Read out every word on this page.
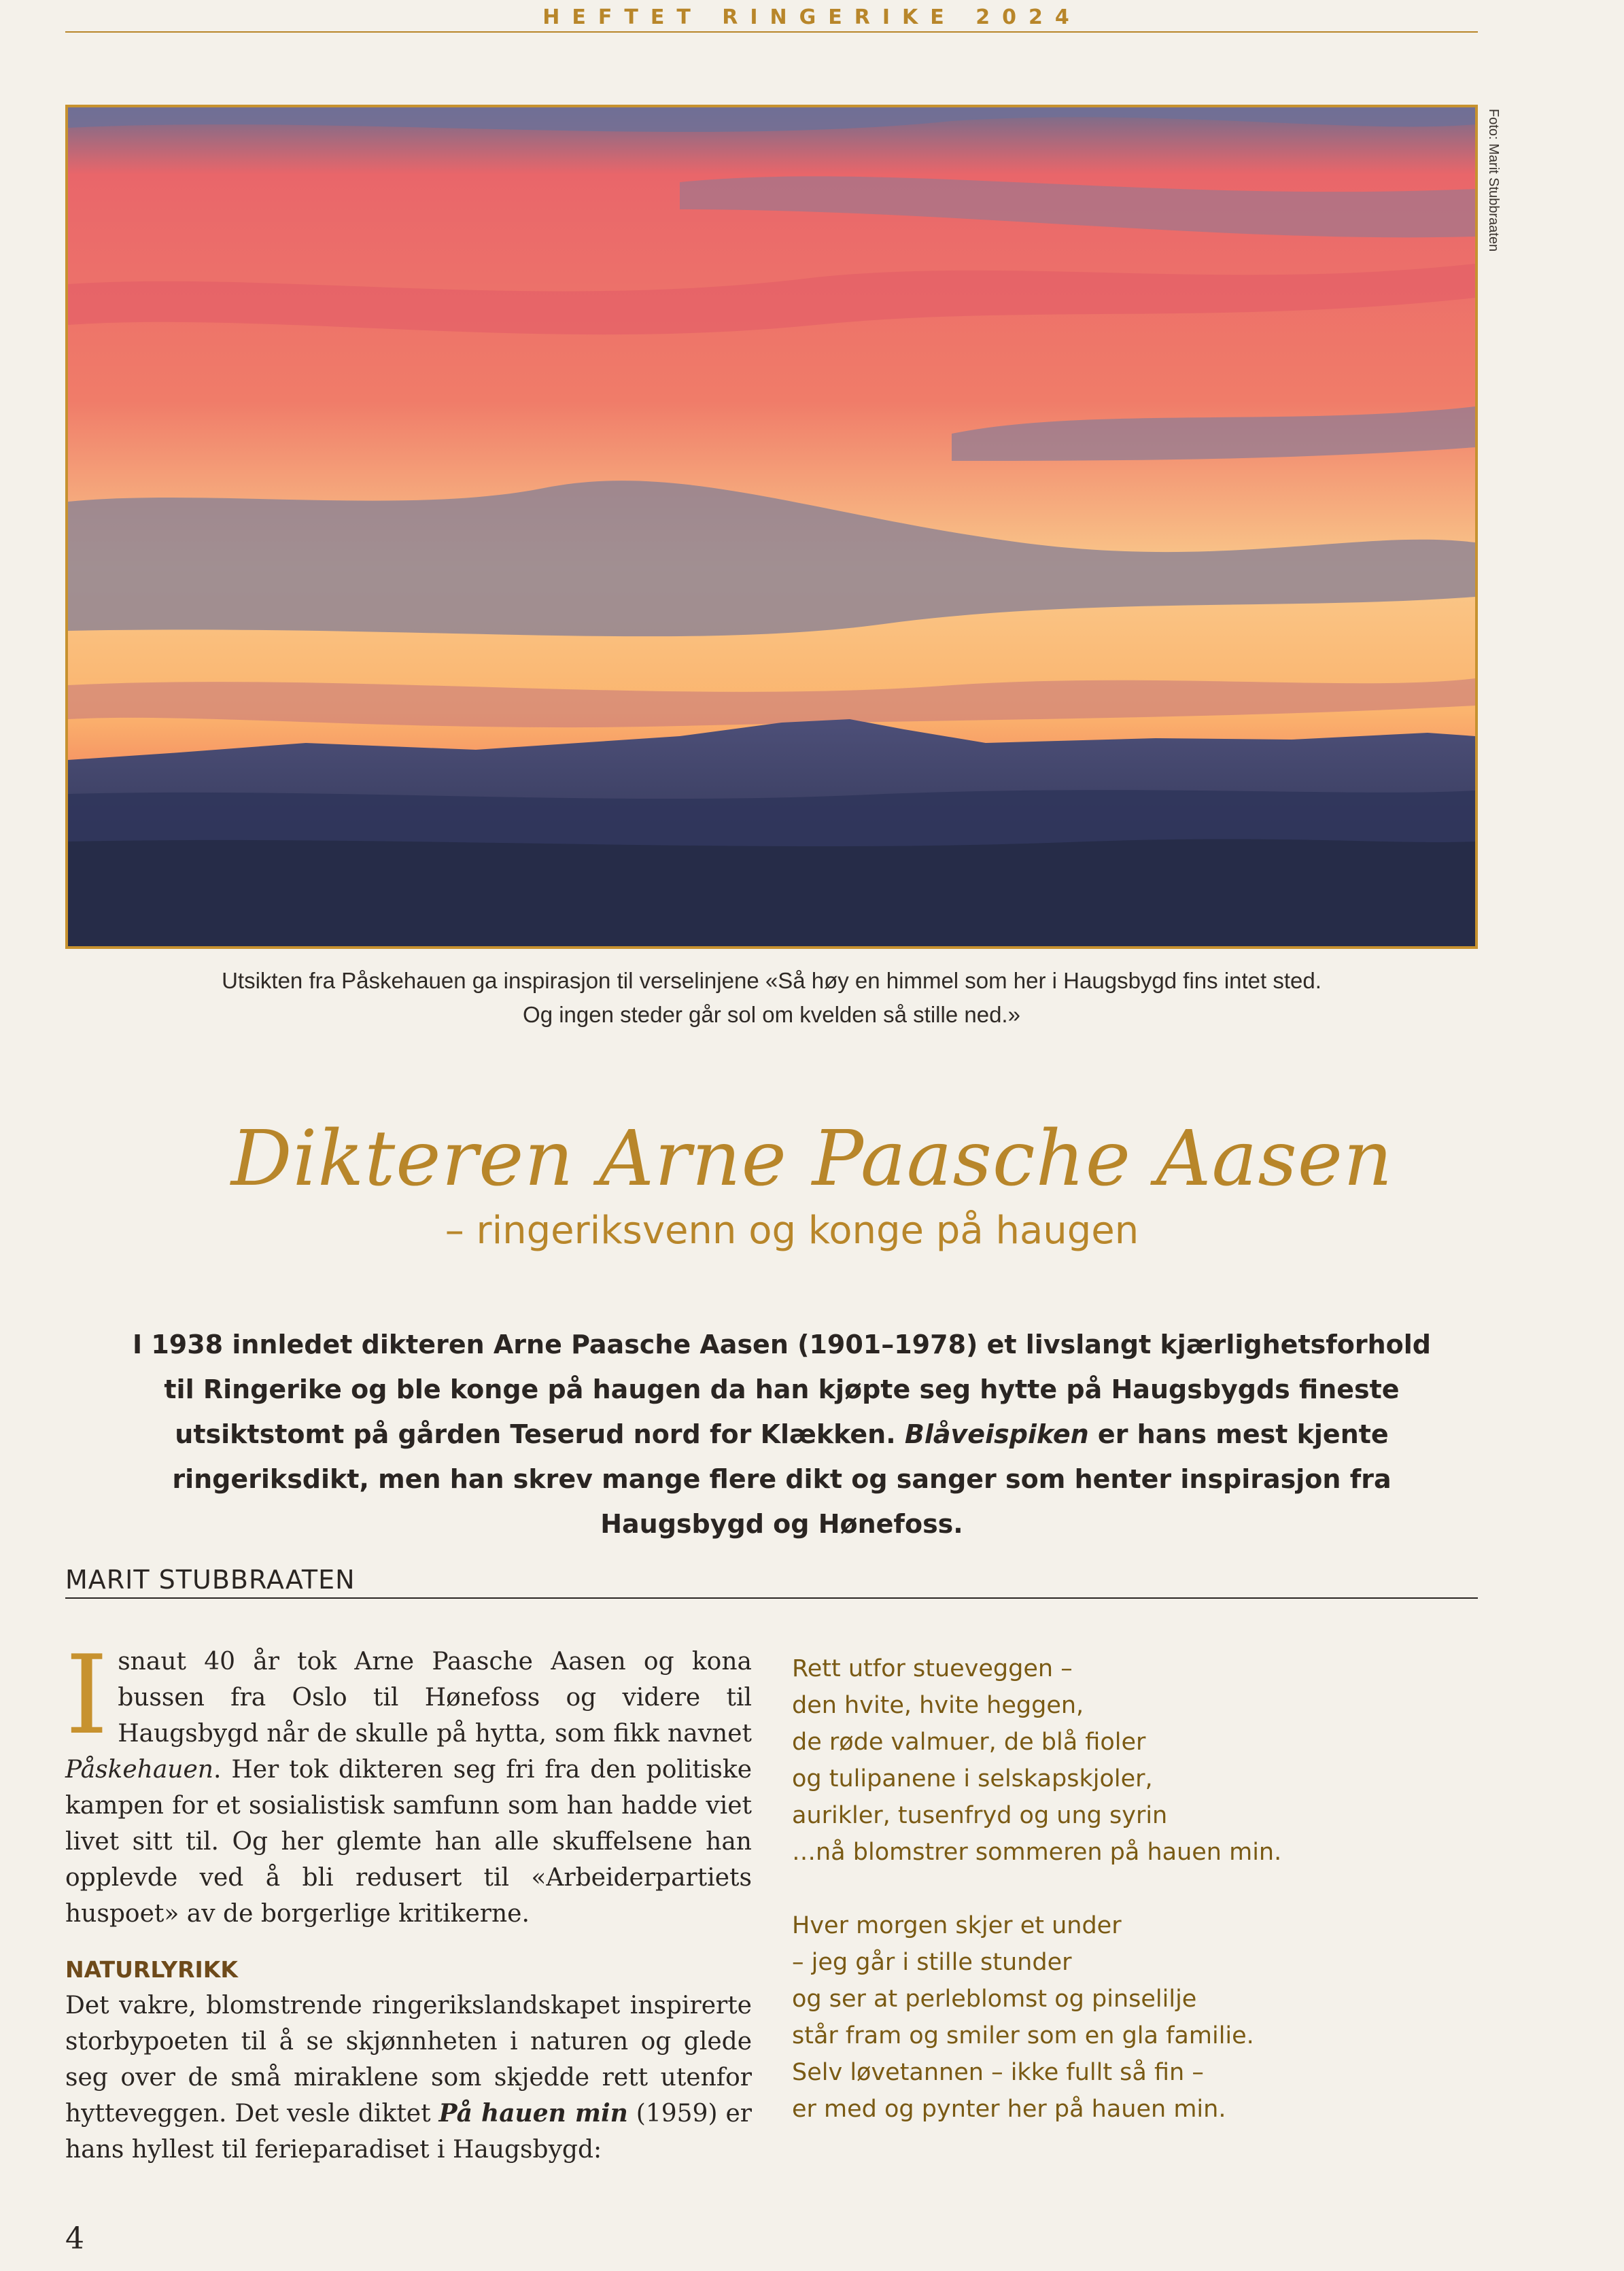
HEFTET RINGERIKE 2024
Foto: Marit Stubbraaten
Utsikten fra Påskehauen ga inspirasjon til verselinjene «Så høy en himmel som her i Haugsbygd fins intet sted.
Og ingen steder går sol om kvelden så stille ned.»
Dikteren Arne Paasche Aasen
– ringeriksvenn og konge på haugen
I 1938 innledet dikteren Arne Paasche Aasen (1901–1978) et livslangt kjærlighetsforhold til Ringerike og ble konge på haugen da han kjøpte seg hytte på Haugsbygds fineste utsiktstomt på gården Teserud nord for Klækken. Blåveispiken er hans mest kjente ringeriksdikt, men han skrev mange flere dikt og sanger som henter inspirasjon fra Haugsbygd og Hønefoss.
MARIT STUBBRAATEN

Isnaut 40 år tok Arne Paasche Aasen og kona bussen fra Oslo til Hønefoss og videre til Haugsbygd når de skulle på hytta, som fikk navnet Påskehauen. Her tok dikteren seg fri fra den politiske kampen for et sosialistisk samfunn som han hadde viet livet sitt til. Og her glemte han alle skuffelsene han opplevde ved å bli redusert til «Arbeiderpartiets huspoet» av de borgerlige kritikerne.

NATURLYRIKK

Det vakre, blomstrende ringerikslandskapet inspirerte storbypoeten til å se skjønnheten i naturen og glede seg over de små miraklene som skjedde rett utenfor hytteveggen. Det vesle diktet På hauen min (1959) er hans hyllest til ferieparadiset i Haugsbygd:

Rett utfor stueveggen –
den hvite, hvite heggen,
de røde valmuer, de blå fioler
og tulipanene i selskapskjoler,
aurikler, tusenfryd og ung syrin
…nå blomstrer sommeren på hauen min.
Hver morgen skjer et under
– jeg går i stille stunder
og ser at perleblomst og pinselilje
står fram og smiler som en gla familie.
Selv løvetannen – ikke fullt så fin –
er med og pynter her på hauen min.
4
